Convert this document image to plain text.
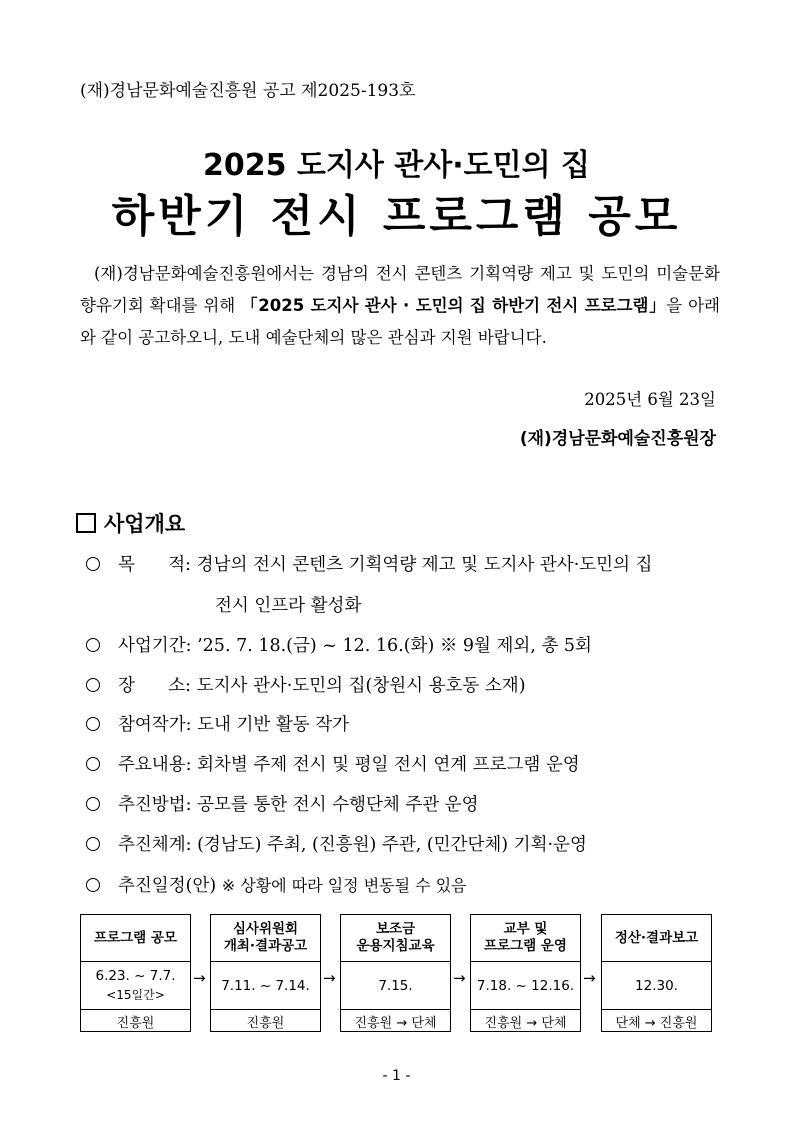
(재)경남문화예술진흥원 공고 제2025-193호
2025 도지사 관사·도민의 집
하반기 전시 프로그램 공모
(재)경남문화예술진흥원에서는 경남의 전시 콘텐츠 기획역량 제고 및 도민의 미술문화 향유기회 확대를 위해 「2025 도지사 관사 · 도민의 집 하반기 전시 프로그램」을 아래와 같이 공고하오니, 도내 예술단체의 많은 관심과 지원 바랍니다.
2025년 6월 23일
(재)경남문화예술진흥원장
사업개요
목      적:
경남의 전시 콘텐츠 기획역량 제고 및 도지사 관사·도민의 집
전시 인프라 활성화
사업기간:
’25. 7. 18.(금) ~ 12. 16.(화) ※ 9월 제외, 총 5회
장      소:
도지사 관사·도민의 집(창원시 용호동 소재)
참여작가:
도내 기반 활동 작가
주요내용:
회차별 주제 전시 및 평일 전시 연계 프로그램 운영
추진방법:
공모를 통한 전시 수행단체 주관 운영
추진체계:
(경남도) 주최, (진흥원) 주관, (민간단체) 기획·운영
추진일정(안)
※ 상황에 따라 일정 변동될 수 있음
프로그램 공모
6.23. ~ 7.7.
<15일간>
진흥원
→
심사위원회
개최·결과공고
7.11. ~ 7.14.
진흥원
→
보조금
운용지침교육
7.15.
진흥원 → 단체
→
교부 및
프로그램 운영
7.18. ~ 12.16.
진흥원 → 단체
→
정산·결과보고
12.30.
단체 → 진흥원
- 1 -
